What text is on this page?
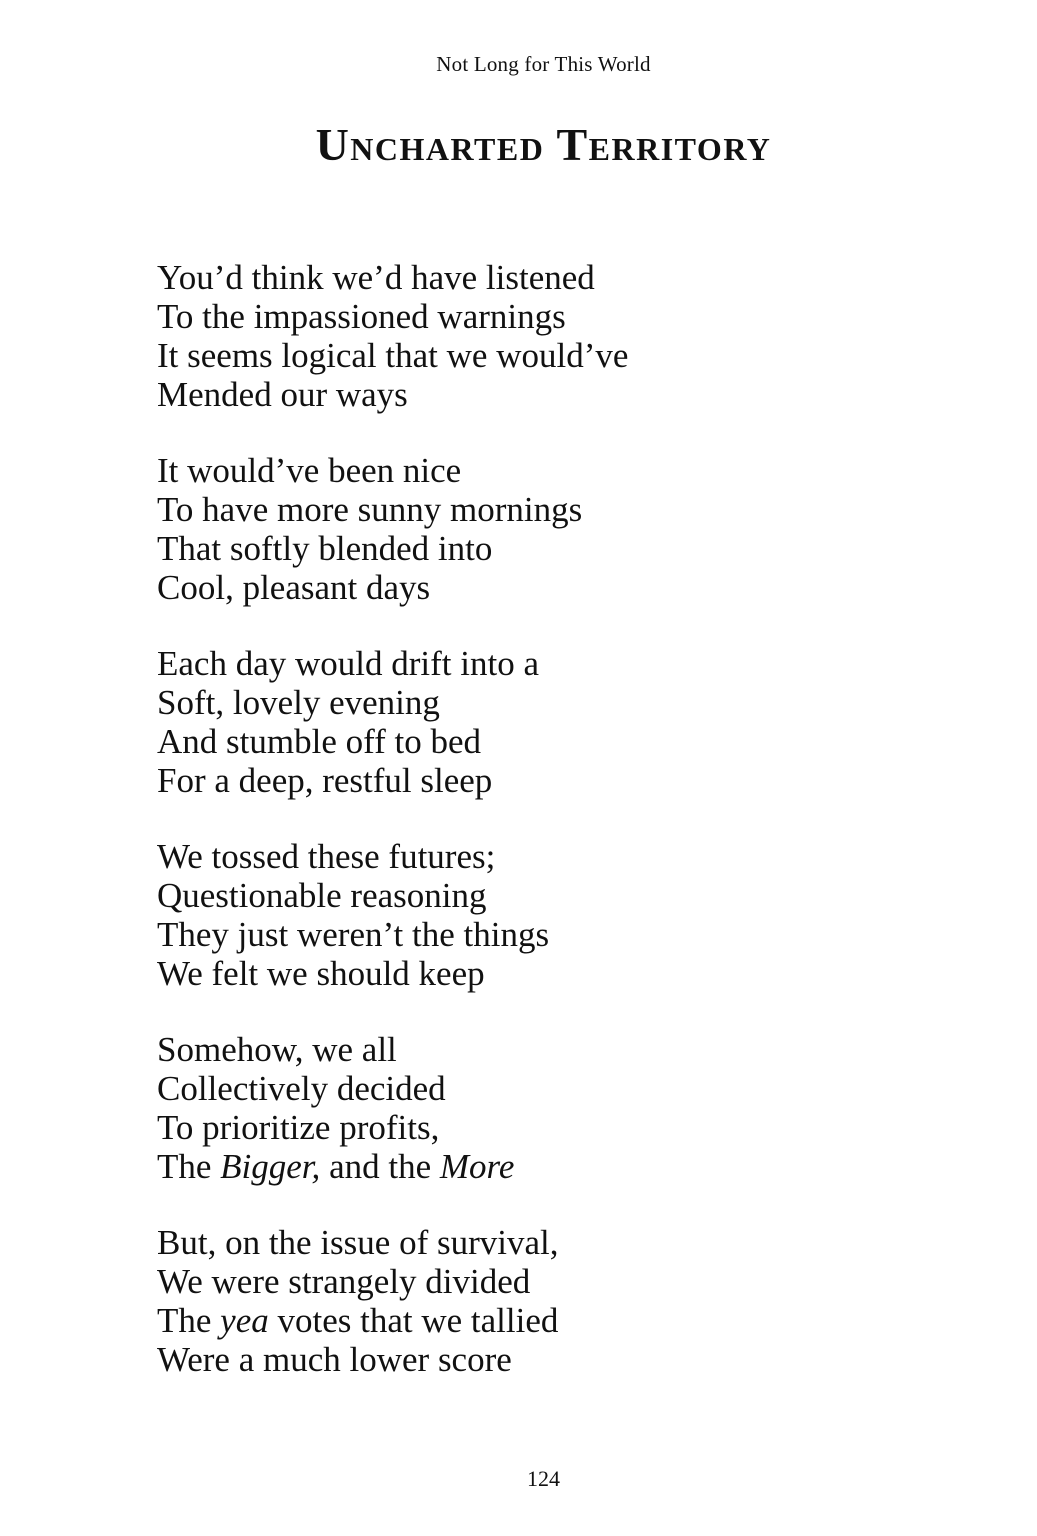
Not Long for This World
Uncharted Territory
You’d think we’d have listened
To the impassioned warnings
It seems logical that we would’ve
Mended our ways
It would’ve been nice
To have more sunny mornings
That softly blended into
Cool, pleasant days
Each day would drift into a
Soft, lovely evening
And stumble off to bed
For a deep, restful sleep
We tossed these futures;
Questionable reasoning
They just weren’t the things
We felt we should keep
Somehow, we all
Collectively decided
To prioritize profits,
The Bigger, and the More
But, on the issue of survival,
We were strangely divided
The yea votes that we tallied
Were a much lower score
124
